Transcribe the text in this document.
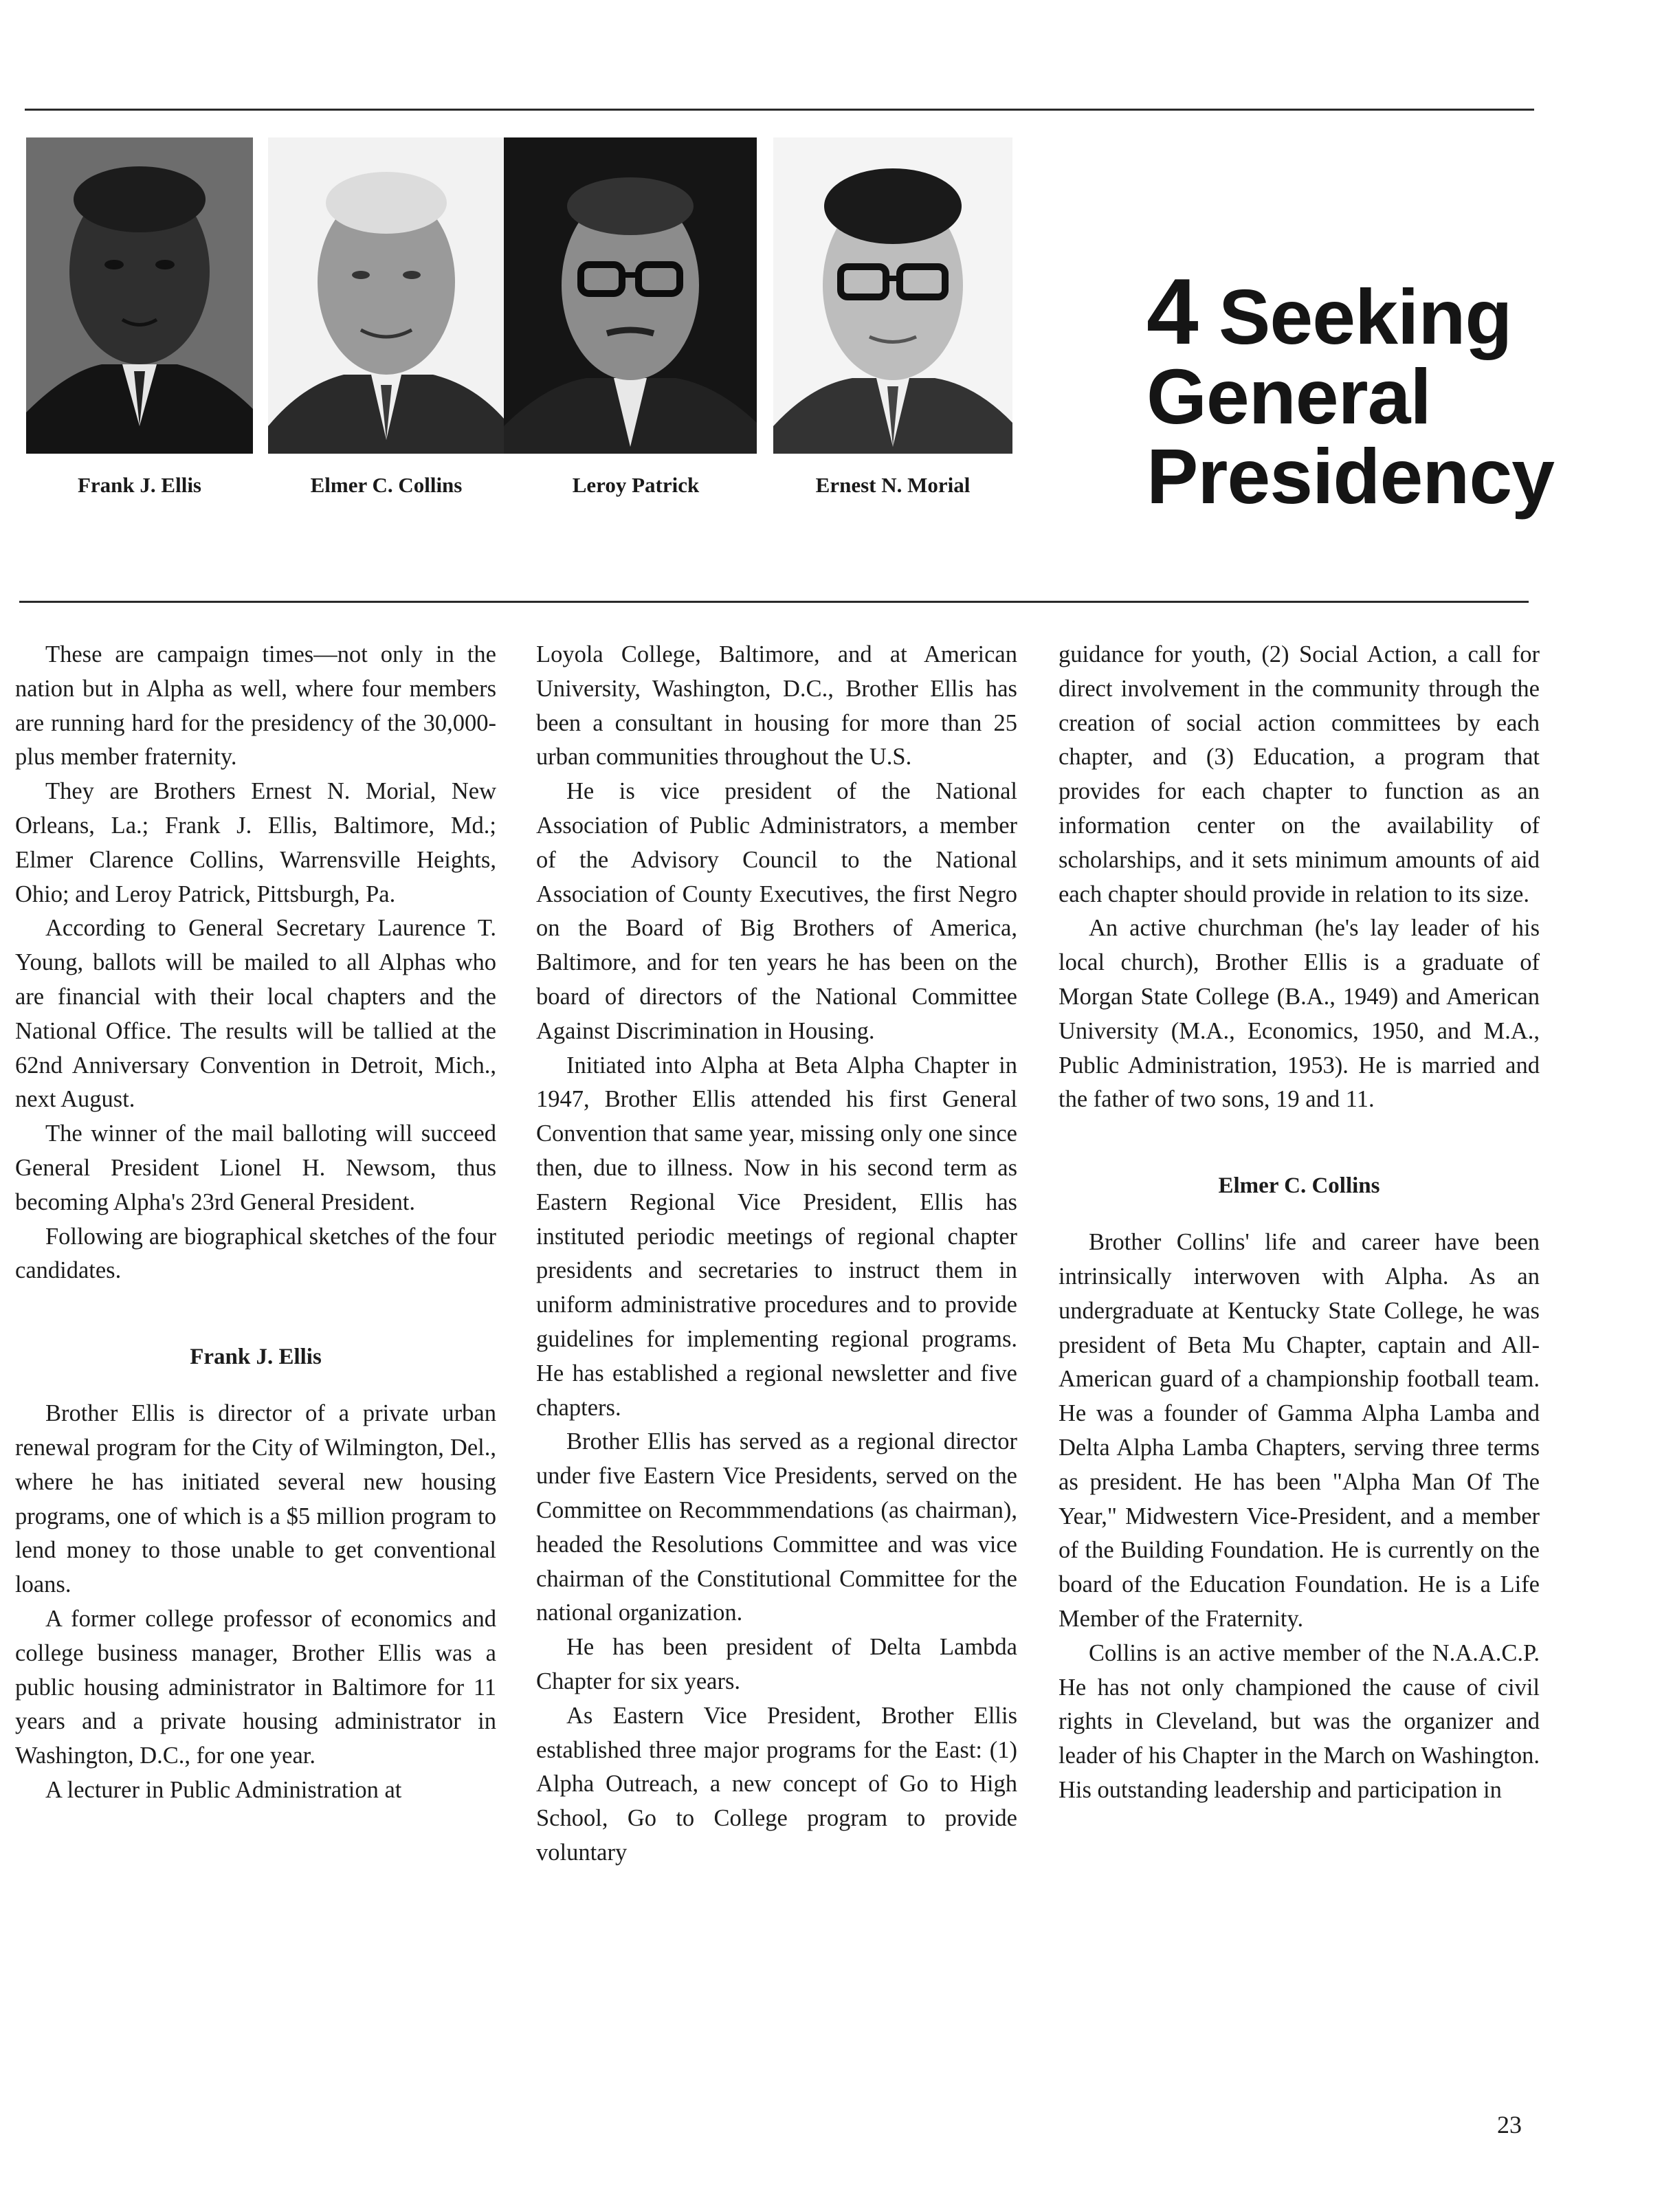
Frank J. Ellis	Elmer C. Collins	Leroy Patrick	Ernest N. Morial
4 Seeking
General
Presidency

These are campaign times—not only in the nation but in Alpha as well, where four members are running hard for the presidency of the 30,000-plus member fraternity.

They are Brothers Ernest N. Morial, New Orleans, La.; Frank J. Ellis, Baltimore, Md.; Elmer Clarence Collins, Warrensville Heights, Ohio; and Leroy Patrick, Pittsburgh, Pa.

According to General Secretary Laurence T. Young, ballots will be mailed to all Alphas who are financial with their local chapters and the National Office. The results will be tallied at the 62nd Anniversary Convention in Detroit, Mich., next August.

The winner of the mail balloting will succeed General President Lionel H. Newsom, thus becoming Alpha's 23rd General President.

Following are biographical sketches of the four candidates.

Frank J. Ellis

Brother Ellis is director of a private urban renewal program for the City of Wilmington, Del., where he has initiated several new housing programs, one of which is a $5 million program to lend money to those unable to get conventional loans.

A former college professor of economics and college business manager, Brother Ellis was a public housing administrator in Baltimore for 11 years and a private housing administrator in Washington, D.C., for one year.

A lecturer in Public Administration at

Loyola College, Baltimore, and at American University, Washington, D.C., Brother Ellis has been a consultant in housing for more than 25 urban communities throughout the U.S.

He is vice president of the National Association of Public Administrators, a member of the Advisory Council to the National Association of County Executives, the first Negro on the Board of Big Brothers of America, Baltimore, and for ten years he has been on the board of directors of the National Committee Against Discrimination in Housing.

Initiated into Alpha at Beta Alpha Chapter in 1947, Brother Ellis attended his first General Convention that same year, missing only one since then, due to illness. Now in his second term as Eastern Regional Vice President, Ellis has instituted periodic meetings of regional chapter presidents and secretaries to instruct them in uniform administrative procedures and to provide guidelines for implementing regional programs. He has established a regional newsletter and five chapters.

Brother Ellis has served as a regional director under five Eastern Vice Presidents, served on the Committee on Recommmendations (as chairman), headed the Resolutions Committee and was vice chairman of the Constitutional Committee for the national organization.

He has been president of Delta Lambda Chapter for six years.

As Eastern Vice President, Brother Ellis established three major programs for the East: (1) Alpha Outreach, a new concept of Go to High School, Go to College program to provide voluntary

guidance for youth, (2) Social Action, a call for direct involvement in the community through the creation of social action committees by each chapter, and (3) Education, a program that provides for each chapter to function as an information center on the availability of scholarships, and it sets minimum amounts of aid each chapter should provide in relation to its size.

An active churchman (he's lay leader of his local church), Brother Ellis is a graduate of Morgan State College (B.A., 1949) and American University (M.A., Economics, 1950, and M.A., Public Administration, 1953). He is married and the father of two sons, 19 and 11.

Elmer C. Collins

Brother Collins' life and career have been intrinsically interwoven with Alpha. As an undergraduate at Kentucky State College, he was president of Beta Mu Chapter, captain and All-American guard of a championship football team. He was a founder of Gamma Alpha Lamba and Delta Alpha Lamba Chapters, serving three terms as president. He has been "Alpha Man Of The Year," Midwestern Vice-President, and a member of the Building Foundation. He is currently on the board of the Education Foundation. He is a Life Member of the Fraternity.

Collins is an active member of the N.A.A.C.P. He has not only championed the cause of civil rights in Cleveland, but was the organizer and leader of his Chapter in the March on Washington. His outstanding leadership and participation in

23
